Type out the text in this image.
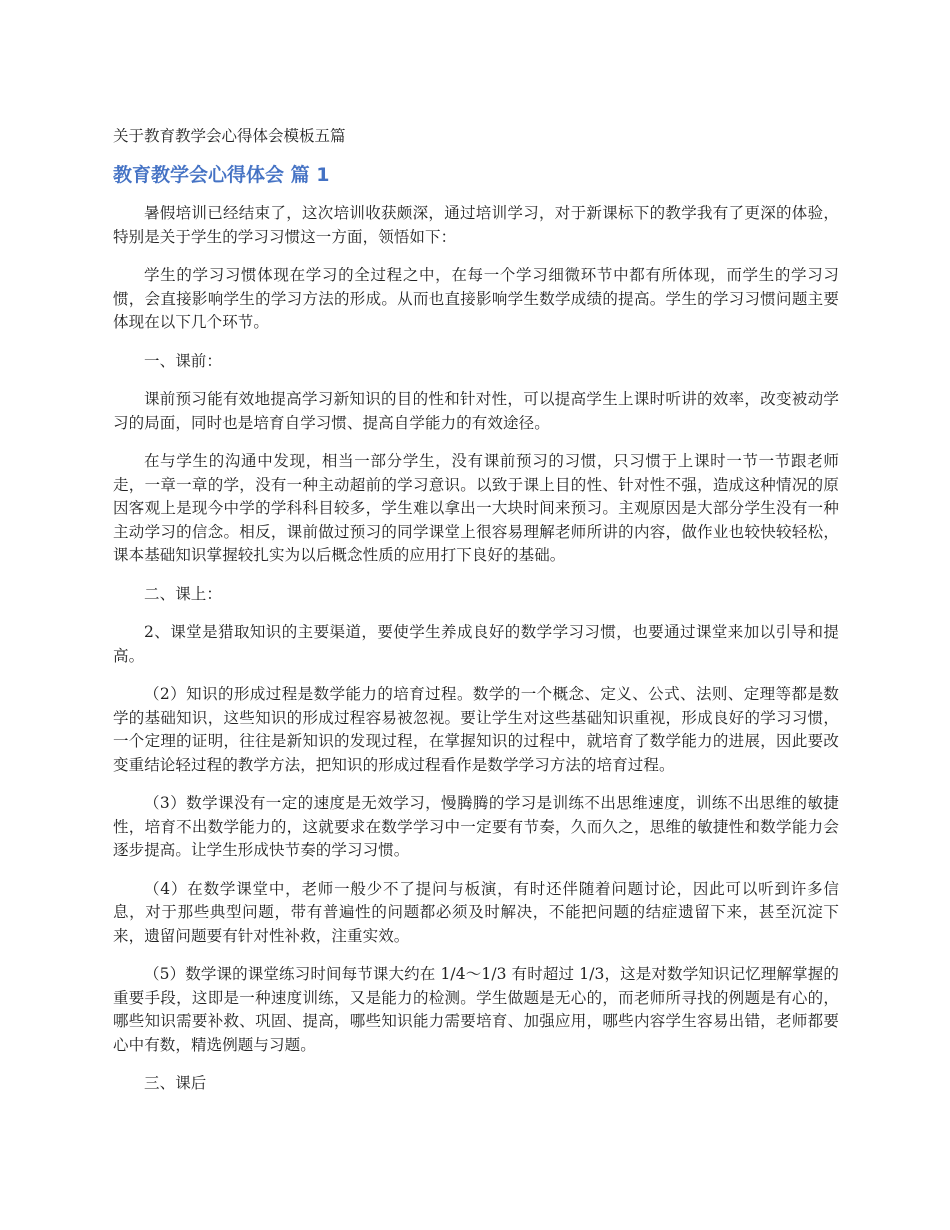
关于教育教学会心得体会模板五篇

教育教学会心得体会 篇 1

暑假培训已经结束了，这次培训收获颇深，通过培训学习，对于新课标下的教学我有了更深的体验，特别是关于学生的学习习惯这一方面，领悟如下：

学生的学习习惯体现在学习的全过程之中，在每一个学习细微环节中都有所体现，而学生的学习习惯，会直接影响学生的学习方法的形成。从而也直接影响学生数学成绩的提高。学生的学习习惯问题主要体现在以下几个环节。

一、课前：

课前预习能有效地提高学习新知识的目的性和针对性，可以提高学生上课时听讲的效率，改变被动学习的局面，同时也是培育自学习惯、提高自学能力的有效途径。

在与学生的沟通中发现，相当一部分学生，没有课前预习的习惯，只习惯于上课时一节一节跟老师走，一章一章的学，没有一种主动超前的学习意识。以致于课上目的性、针对性不强，造成这种情况的原因客观上是现今中学的学科科目较多，学生难以拿出一大块时间来预习。主观原因是大部分学生没有一种主动学习的信念。相反，课前做过预习的同学课堂上很容易理解老师所讲的内容，做作业也较快较轻松，课本基础知识掌握较扎实为以后概念性质的应用打下良好的基础。

二、课上：

2、课堂是猎取知识的主要渠道，要使学生养成良好的数学学习习惯，也要通过课堂来加以引导和提高。

（2）知识的形成过程是数学能力的培育过程。数学的一个概念、定义、公式、法则、定理等都是数学的基础知识，这些知识的形成过程容易被忽视。要让学生对这些基础知识重视，形成良好的学习习惯，一个定理的证明，往往是新知识的发现过程，在掌握知识的过程中，就培育了数学能力的进展，因此要改变重结论轻过程的教学方法，把知识的形成过程看作是数学学习方法的培育过程。

（3）数学课没有一定的速度是无效学习，慢腾腾的学习是训练不出思维速度，训练不出思维的敏捷性，培育不出数学能力的，这就要求在数学学习中一定要有节奏，久而久之，思维的敏捷性和数学能力会逐步提高。让学生形成快节奏的学习习惯。

（4）在数学课堂中，老师一般少不了提问与板演，有时还伴随着问题讨论，因此可以听到许多信息，对于那些典型问题，带有普遍性的问题都必须及时解决，不能把问题的结症遗留下来，甚至沉淀下来，遗留问题要有针对性补救，注重实效。

（5）数学课的课堂练习时间每节课大约在 1/4～1/3 有时超过 1/3，这是对数学知识记忆理解掌握的重要手段，这即是一种速度训练，又是能力的检测。学生做题是无心的，而老师所寻找的例题是有心的，哪些知识需要补救、巩固、提高，哪些知识能力需要培育、加强应用，哪些内容学生容易出错，老师都要心中有数，精选例题与习题。

三、课后
